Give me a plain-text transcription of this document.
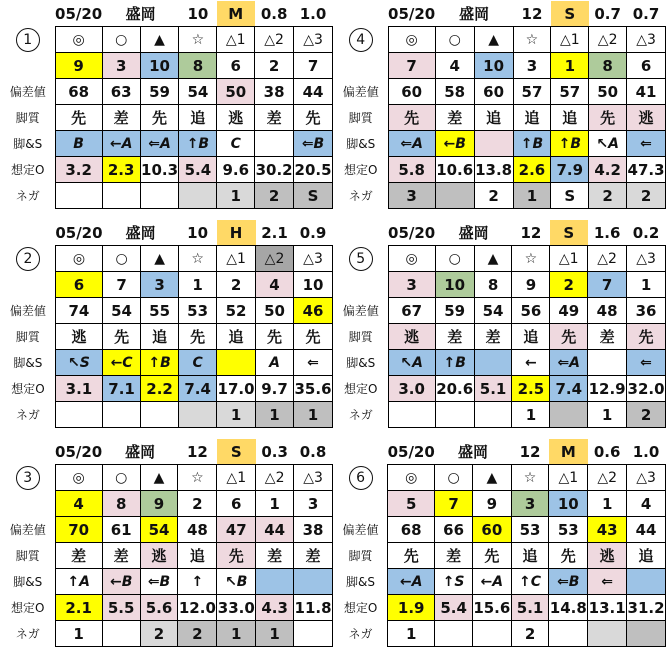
	05/20	盛岡		10	M	0.8	1.0

1	◎	○	▲	☆	△1	△2	△3
	9	3	10	8	6	2	7
偏差値	68	63	59	54	50	38	44
脚質	先	差	先	追	逃	差	先
脚&S	B	←A	⇐A	↑B	C		⇐B
想定O	3.2	2.3	10.3	5.4	9.6	30.2	20.5
ネガ					1	2	S
	05/20	盛岡		12	S	0.7	0.7

4	◎	○	▲	☆	△1	△2	△3
	7	4	10	3	1	8	6
偏差値	60	58	60	57	57	50	41
脚質	先	差	追	追	追	先	逃
脚&S	⇐A	←B		↑B	↑B	↖A	⇐
想定O	5.8	10.6	13.8	2.6	7.9	4.2	47.3
ネガ	3		2	1	S	2	2
	05/20	盛岡		10	H	2.1	0.9

2	◎	○	▲	☆	△1	△2	△3
	6	7	3	1	2	4	10
偏差値	74	54	55	53	52	50	46
脚質	逃	先	追	先	追	先	先
脚&S	↖S	←C	↑B	C		A	⇐
想定O	3.1	7.1	2.2	7.4	17.0	9.7	35.6
ネガ					1	1	1
	05/20	盛岡		12	S	1.6	0.2

5	◎	○	▲	☆	△1	△2	△3
	3	10	8	9	2	7	1
偏差値	67	59	54	56	49	48	36
脚質	逃	差	差	追	先	差	先
脚&S	↖A	↑B		←	⇐A		⇐
想定O	3.0	20.6	5.1	2.5	7.4	12.9	32.0
ネガ				1		1	2
	05/20	盛岡		12	S	0.3	0.8

3	◎	○	▲	☆	△1	△2	△3
	4	8	9	2	6	1	3
偏差値	70	61	54	48	47	44	38
脚質	差	差	逃	追	先	差	差
脚&S	↑A	←B	⇐B	↑	↖B		
想定O	2.1	5.5	5.6	12.0	33.0	4.3	11.8
ネガ	1		2	2	1	1	
	05/20	盛岡		12	M	0.6	1.0

6	◎	○	▲	☆	△1	△2	△3
	5	7	9	3	10	1	4
偏差値	68	66	60	53	53	43	44
脚質	先	差	先	追	先	逃	追
脚&S	←A	↑S	←A	↑C	⇐B	⇐	
想定O	1.9	5.4	15.6	5.1	14.8	13.1	31.2
ネガ	1			2			
